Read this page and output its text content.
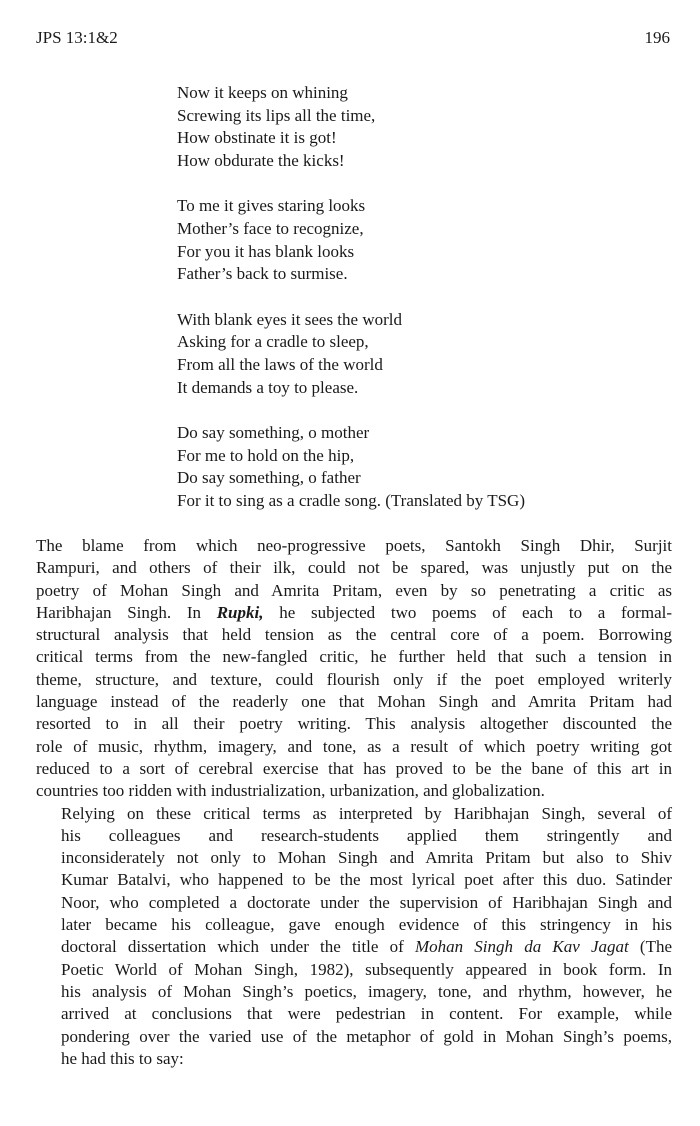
JPS 13:1&2	196
Now it keeps on whining
Screwing its lips all the time,
How obstinate it is got!
How obdurate the kicks!
To me it gives staring looks
Mother’s face to recognize,
For you it has blank looks
Father’s back to surmise.
With blank eyes it sees the world
Asking for a cradle to sleep,
From all the laws of the world
It demands a toy to please.
Do say something, o mother
For me to hold on the hip,
Do say something, o father
For it to sing as a cradle song. (Translated by TSG)
The blame from which neo-progressive poets, Santokh Singh Dhir, Surjit
Rampuri, and others of their ilk, could not be spared, was unjustly put on the
poetry of Mohan Singh and Amrita Pritam, even by so penetrating a critic as
Haribhajan Singh. In Rupki, he subjected two poems of each to a formal-
structural analysis that held tension as the central core of a poem. Borrowing
critical terms from the new-fangled critic, he further held that such a tension in
theme, structure, and texture, could flourish only if the poet employed writerly
language instead of the readerly one that Mohan Singh and Amrita Pritam had
resorted to in all their poetry writing. This analysis altogether discounted the
role of music, rhythm, imagery, and tone, as a result of which poetry writing got
reduced to a sort of cerebral exercise that has proved to be the bane of this art in
countries too ridden with industrialization, urbanization, and globalization.
Relying on these critical terms as interpreted by Haribhajan Singh, several of
his colleagues and research-students applied them stringently and
inconsiderately not only to Mohan Singh and Amrita Pritam but also to Shiv
Kumar Batalvi, who happened to be the most lyrical poet after this duo. Satinder
Noor, who completed a doctorate under the supervision of Haribhajan Singh and
later became his colleague, gave enough evidence of this stringency in his
doctoral dissertation which under the title of Mohan Singh da Kav Jagat (The
Poetic World of Mohan Singh, 1982), subsequently appeared in book form. In
his analysis of Mohan Singh’s poetics, imagery, tone, and rhythm, however, he
arrived at conclusions that were pedestrian in content. For example, while
pondering over the varied use of the metaphor of gold in Mohan Singh’s poems,
he had this to say:
